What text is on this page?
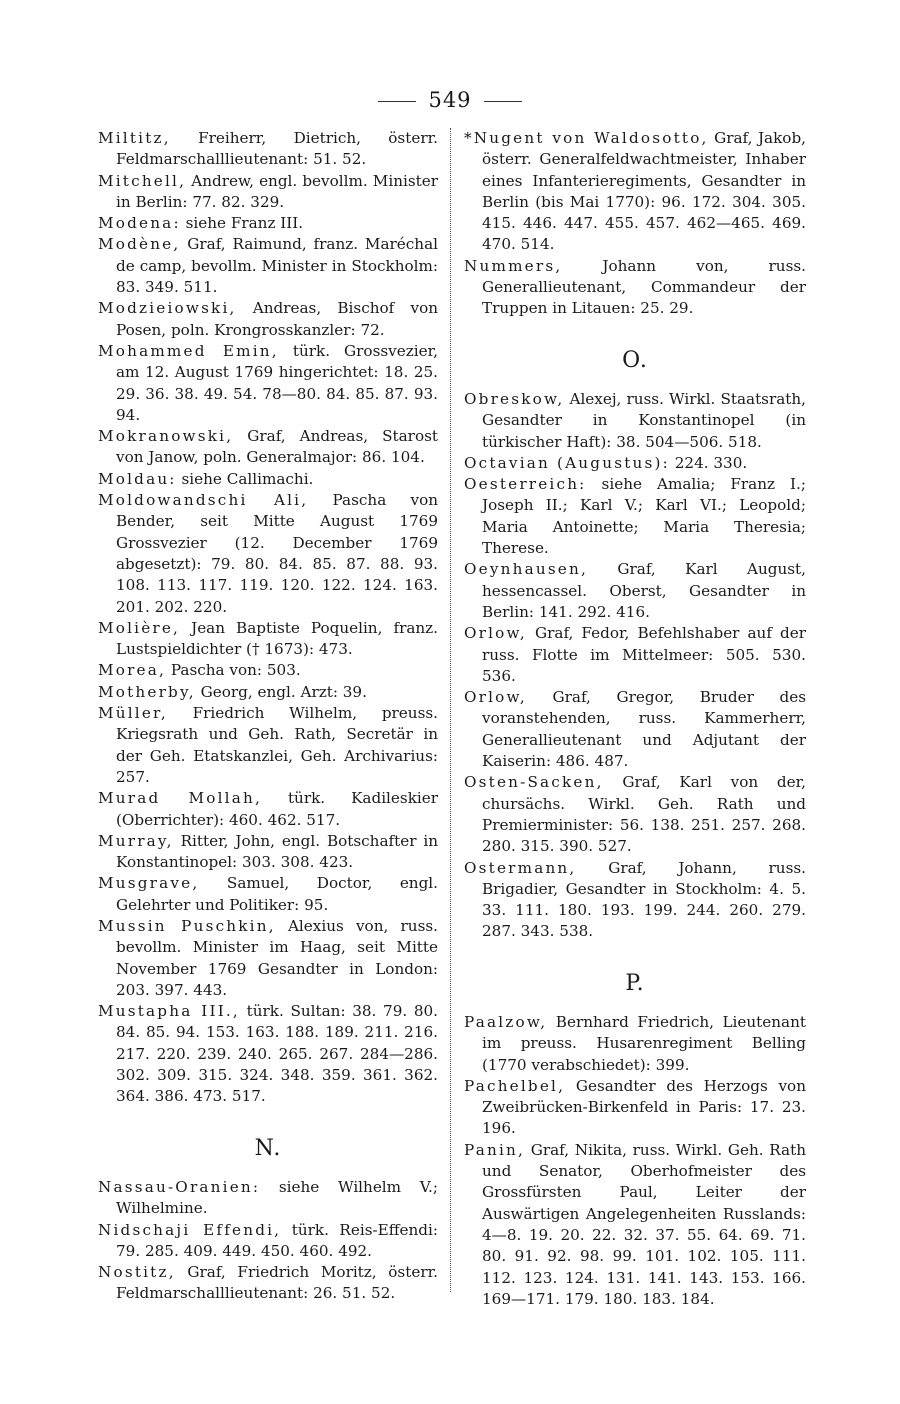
549

Miltitz, Freiherr, Dietrich, österr. Feldmarschalllieutenant: 51. 52.

Mitchell, Andrew, engl. bevollm. Minister in Berlin: 77. 82. 329.

Modena: siehe Franz III.

Modène, Graf, Raimund, franz. Maréchal de camp, bevollm. Minister in Stockholm: 83. 349. 511.

Modzieiowski, Andreas, Bischof von Posen, poln. Krongrosskanzler: 72.

Mohammed Emin, türk. Grossvezier, am 12. August 1769 hingerichtet: 18. 25. 29. 36. 38. 49. 54. 78—80. 84. 85. 87. 93. 94.

Mokranowski, Graf, Andreas, Starost von Janow, poln. Generalmajor: 86. 104.

Moldau: siehe Callimachi.

Moldowandschi Ali, Pascha von Bender, seit Mitte August 1769 Grossvezier (12. December 1769 abgesetzt): 79. 80. 84. 85. 87. 88. 93. 108. 113. 117. 119. 120. 122. 124. 163. 201. 202. 220.

Molière, Jean Baptiste Poquelin, franz. Lustspieldichter († 1673): 473.

Morea, Pascha von: 503.

Motherby, Georg, engl. Arzt: 39.

Müller, Friedrich Wilhelm, preuss. Kriegsrath und Geh. Rath, Secretär in der Geh. Etatskanzlei, Geh. Archivarius: 257.

Murad Mollah, türk. Kadileskier (Oberrichter): 460. 462. 517.

Murray, Ritter, John, engl. Botschafter in Konstantinopel: 303. 308. 423.

Musgrave, Samuel, Doctor, engl. Gelehrter und Politiker: 95.

Mussin Puschkin, Alexius von, russ. bevollm. Minister im Haag, seit Mitte November 1769 Gesandter in London: 203. 397. 443.

Mustapha III., türk. Sultan: 38. 79. 80. 84. 85. 94. 153. 163. 188. 189. 211. 216. 217. 220. 239. 240. 265. 267. 284—286. 302. 309. 315. 324. 348. 359. 361. 362. 364. 386. 473. 517.

N.

Nassau-Oranien: siehe Wilhelm V.; Wilhelmine.

Nidschaji Effendi, türk. Reis-Effendi: 79. 285. 409. 449. 450. 460. 492.

Nostitz, Graf, Friedrich Moritz, österr. Feldmarschalllieutenant: 26. 51. 52.

*Nugent von Waldosotto, Graf, Jakob, österr. Generalfeldwachtmeister, Inhaber eines Infanterieregiments, Gesandter in Berlin (bis Mai 1770): 96. 172. 304. 305. 415. 446. 447. 455. 457. 462—465. 469. 470. 514.

Nummers, Johann von, russ. Generallieutenant, Commandeur der Truppen in Litauen: 25. 29.

O.

Obreskow, Alexej, russ. Wirkl. Staatsrath, Gesandter in Konstantinopel (in türkischer Haft): 38. 504—506. 518.

Octavian (Augustus): 224. 330.

Oesterreich: siehe Amalia; Franz I.; Joseph II.; Karl V.; Karl VI.; Leopold; Maria Antoinette; Maria Theresia; Therese.

Oeynhausen, Graf, Karl August, hessencassel. Oberst, Gesandter in Berlin: 141. 292. 416.

Orlow, Graf, Fedor, Befehlshaber auf der russ. Flotte im Mittelmeer: 505. 530. 536.

Orlow, Graf, Gregor, Bruder des voranstehenden, russ. Kammerherr, Generallieutenant und Adjutant der Kaiserin: 486. 487.

Osten-Sacken, Graf, Karl von der, chursächs. Wirkl. Geh. Rath und Premierminister: 56. 138. 251. 257. 268. 280. 315. 390. 527.

Ostermann, Graf, Johann, russ. Brigadier, Gesandter in Stockholm: 4. 5. 33. 111. 180. 193. 199. 244. 260. 279. 287. 343. 538.

P.

Paalzow, Bernhard Friedrich, Lieutenant im preuss. Husarenregiment Belling (1770 verabschiedet): 399.

Pachelbel, Gesandter des Herzogs von Zweibrücken-Birkenfeld in Paris: 17. 23. 196.

Panin, Graf, Nikita, russ. Wirkl. Geh. Rath und Senator, Oberhofmeister des Grossfürsten Paul, Leiter der Auswärtigen Angelegenheiten Russlands: 4—8. 19. 20. 22. 32. 37. 55. 64. 69. 71. 80. 91. 92. 98. 99. 101. 102. 105. 111. 112. 123. 124. 131. 141. 143. 153. 166. 169—171. 179. 180. 183. 184.
